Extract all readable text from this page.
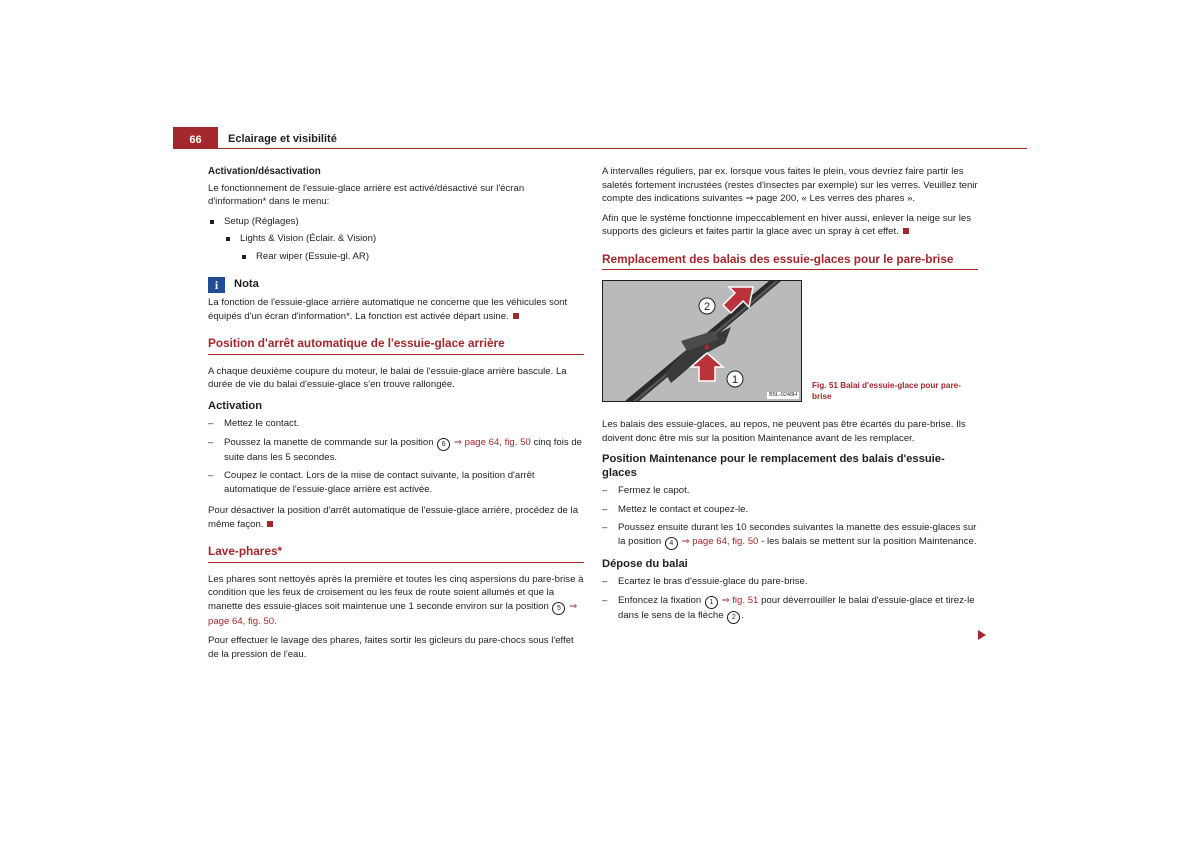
66	Eclairage et visibilité
Activation/désactivation

Le fonctionnement de l'essuie-glace arrière est activé/désactivé sur l'écran d'information* dans le menu:

Setup (Réglages)
Lights & Vision (Éclair. & Vision)
Rear wiper (Essuie-gl. AR)
i	Nota

La fonction de l'essuie-glace arrière automatique ne concerne que les véhicules sont équipés d'un écran d'information*. La fonction est activée départ usine.

Position d'arrêt automatique de l'essuie-glace arrière

A chaque deuxième coupure du moteur, le balai de l'essuie-glace arrière bascule. La durée de vie du balai d'essuie-glace s'en trouve rallongée.

Activation
– Mettez le contact.
– Poussez la manette de commande sur la position 6 ⇒ page 64, fig. 50 cinq fois de suite dans les 5 secondes.
– Coupez le contact. Lors de la mise de contact suivante, la position d'arrêt automatique de l'essuie-glace arrière est activée.

Pour désactiver la position d'arrêt automatique de l'essuie-glace arrière, procédez de la même façon.

Lave-phares*

Les phares sont nettoyés après la première et toutes les cinq aspersions du pare-brise à condition que les feux de croisement ou les feux de route soient allumés et que la manette des essuie-glaces soit maintenue une 1 seconde environ sur la position 5 ⇒ page 64, fig. 50.

Pour effectuer le lavage des phares, faites sortir les gicleurs du pare-chocs sous l'effet de la pression de l'eau.

A intervalles réguliers, par ex. lorsque vous faites le plein, vous devriez faire partir les saletés fortement incrustées (restes d'insectes par exemple) sur les verres. Veuillez tenir compte des indications suivantes ⇒ page 200, « Les verres des phares ».

Afin que le système fonctionne impeccablement en hiver aussi, enlever la neige sur les supports des gicleurs et faites partir la glace avec un spray à cet effet.

Remplacement des balais des essuie-glaces pour le pare-brise
1
2
B5L-0248H
Fig. 51 Balai d'essuie-glace pour pare-brise

Les balais des essuie-glaces, au repos, ne peuvent pas être écartés du pare-brise. Ils doivent donc être mis sur la position Maintenance avant de les remplacer.

Position Maintenance pour le remplacement des balais d'essuie-glaces
– Fermez le capot.
– Mettez le contact et coupez-le.
– Poussez ensuite durant les 10 secondes suivantes la manette des essuie-glaces sur la position 4 ⇒ page 64, fig. 50 - les balais se mettent sur la position Maintenance.
Dépose du balai
– Ecartez le bras d'essuie-glace du pare-brise.
– Enfoncez la fixation 1 ⇒ fig. 51 pour déverrouiller le balai d'essuie-glace et tirez-le dans le sens de la flèche 2 .
